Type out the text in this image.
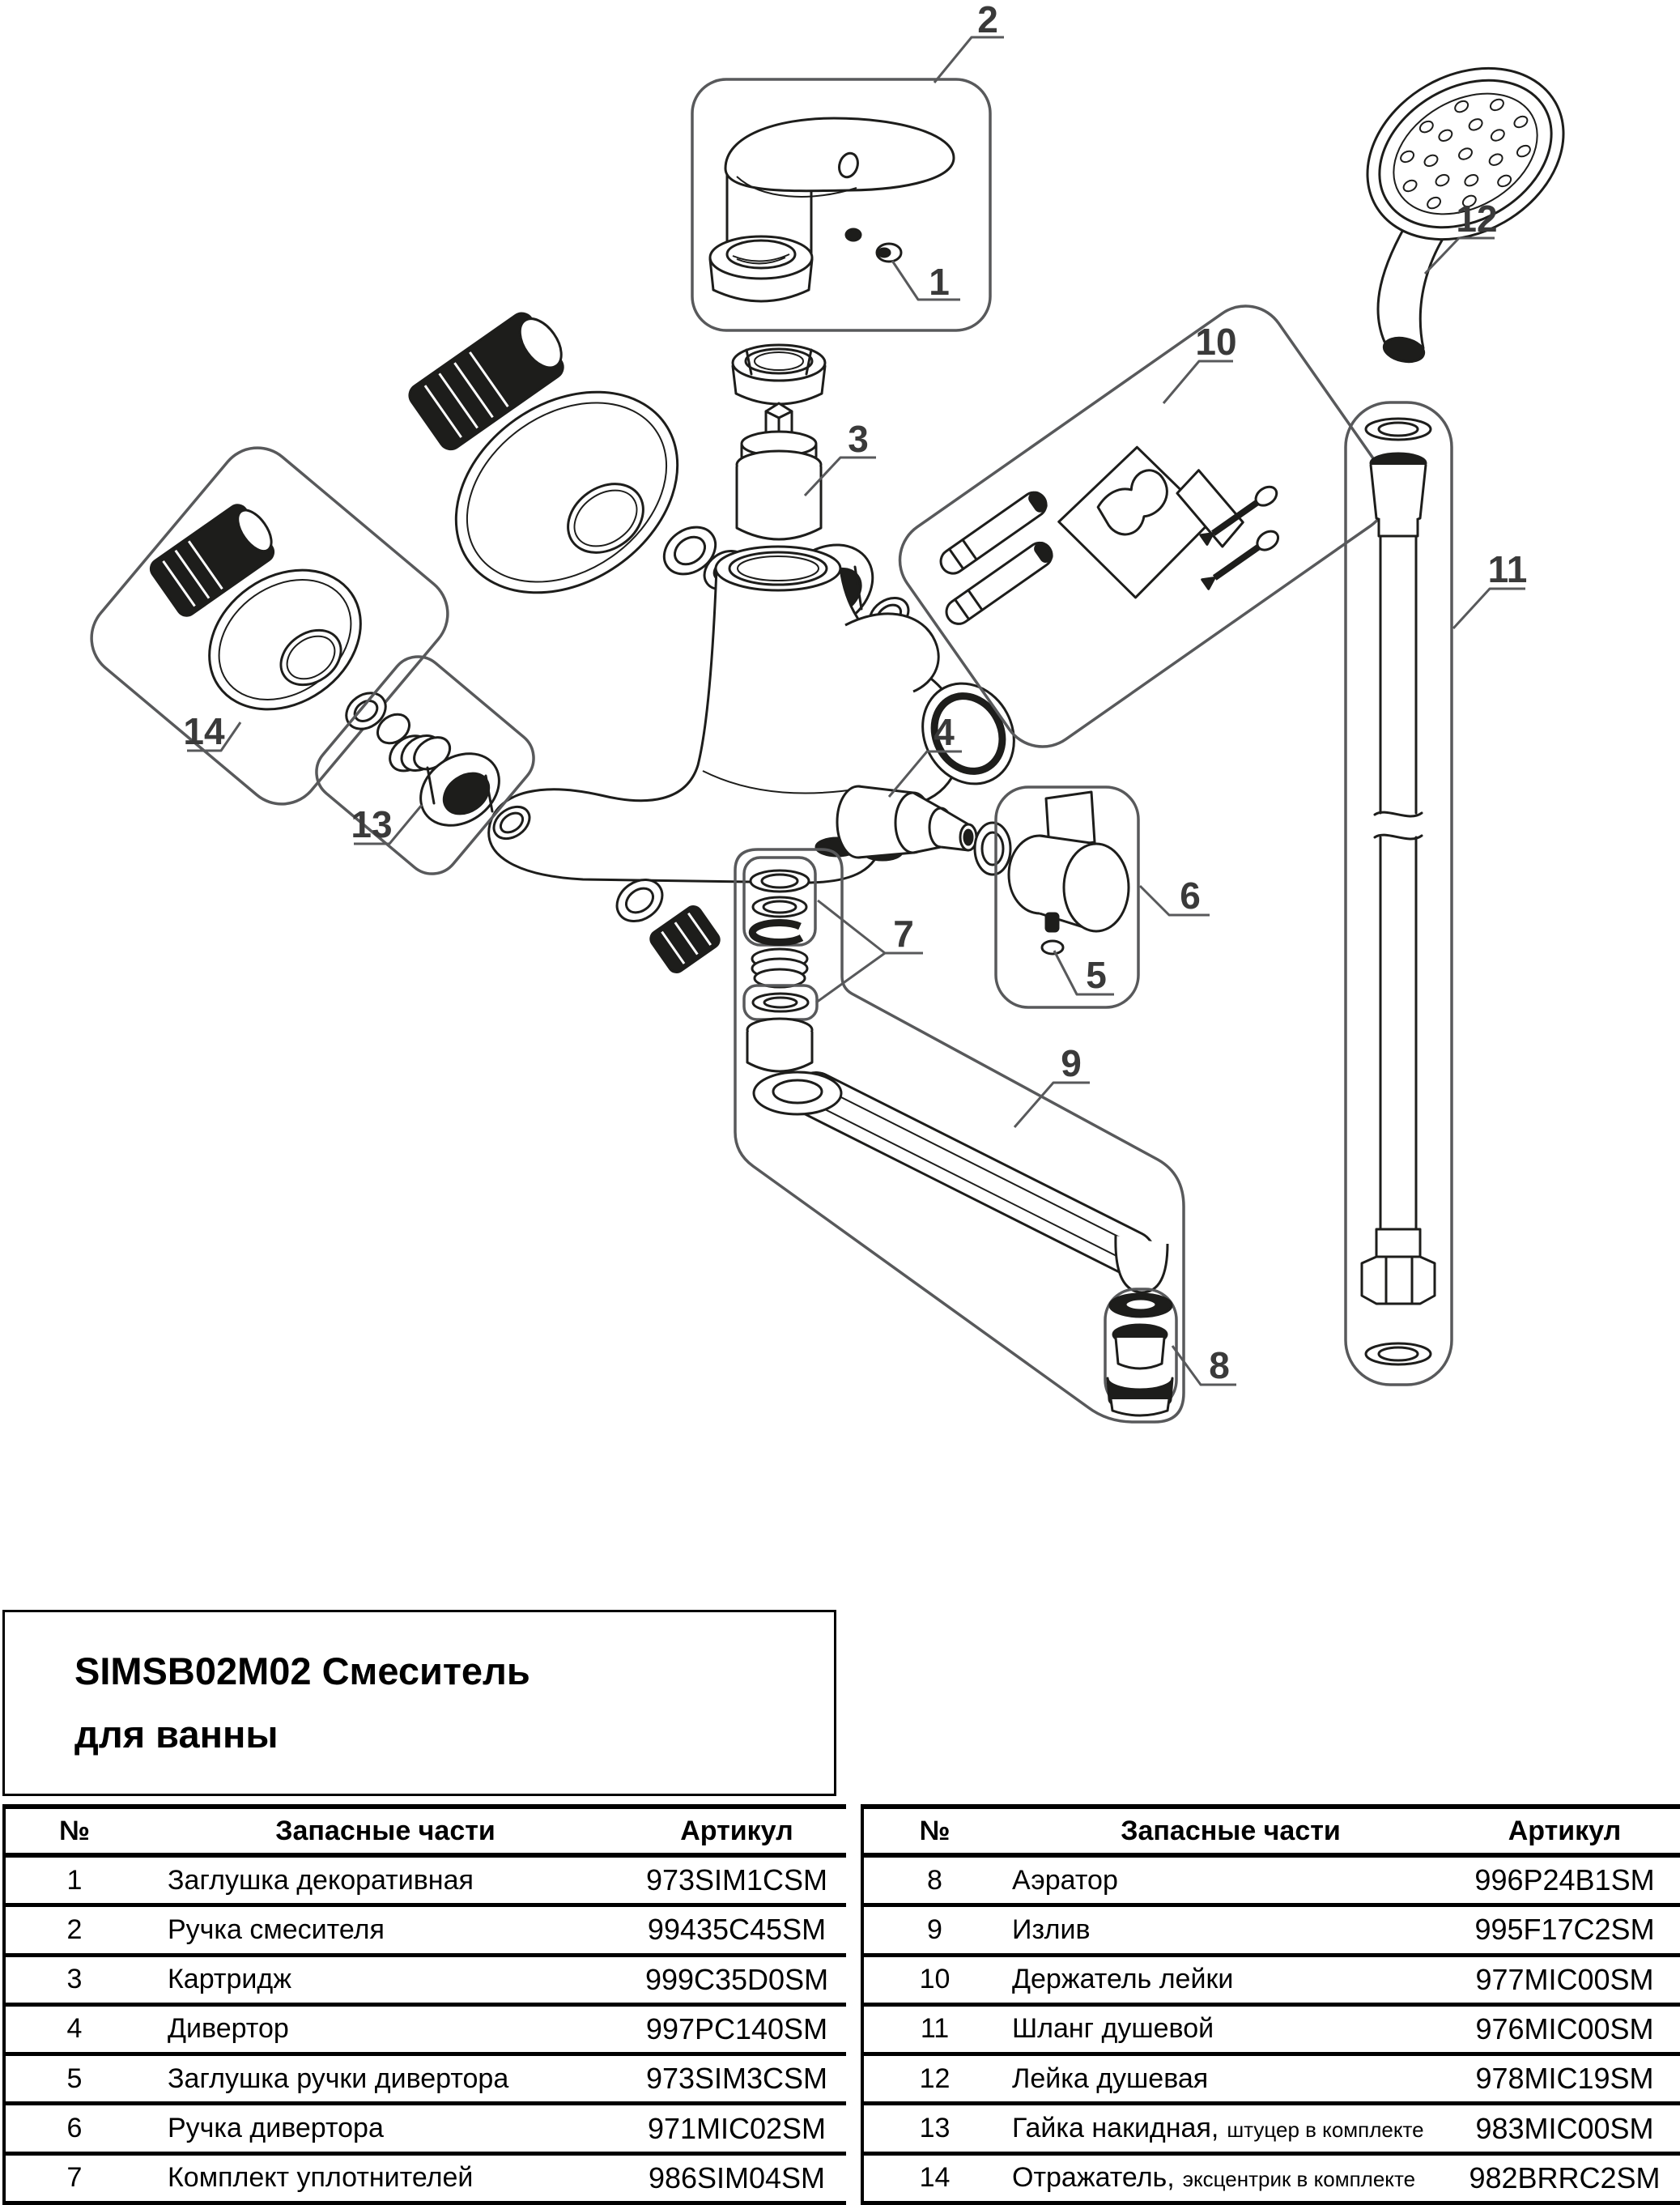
1
2
3
4
5
6
7
8
9
10
11
12
13
14
SIMSB02M02 Смеситель
для ванны
№	Запасные части	Артикул
1	Заглушка декоративная	973SIM1CSM
2	Ручка смесителя	99435C45SM
3	Картридж	999C35D0SM
4	Дивертор	997PC140SM
5	Заглушка ручки дивертора	973SIM3CSM
6	Ручка дивертора	971MIC02SM
7	Комплект уплотнителей	986SIM04SM
№	Запасные части	Артикул
8	Аэратор	996P24B1SM
9	Излив	995F17C2SM
10	Держатель лейки	977MIC00SM
11	Шланг душевой	976MIC00SM
12	Лейка душевая	978MIC19SM
13	Гайка накидная, штуцер в комплекте	983MIC00SM
14	Отражатель, эксцентрик в комплекте	982BRRC2SM
